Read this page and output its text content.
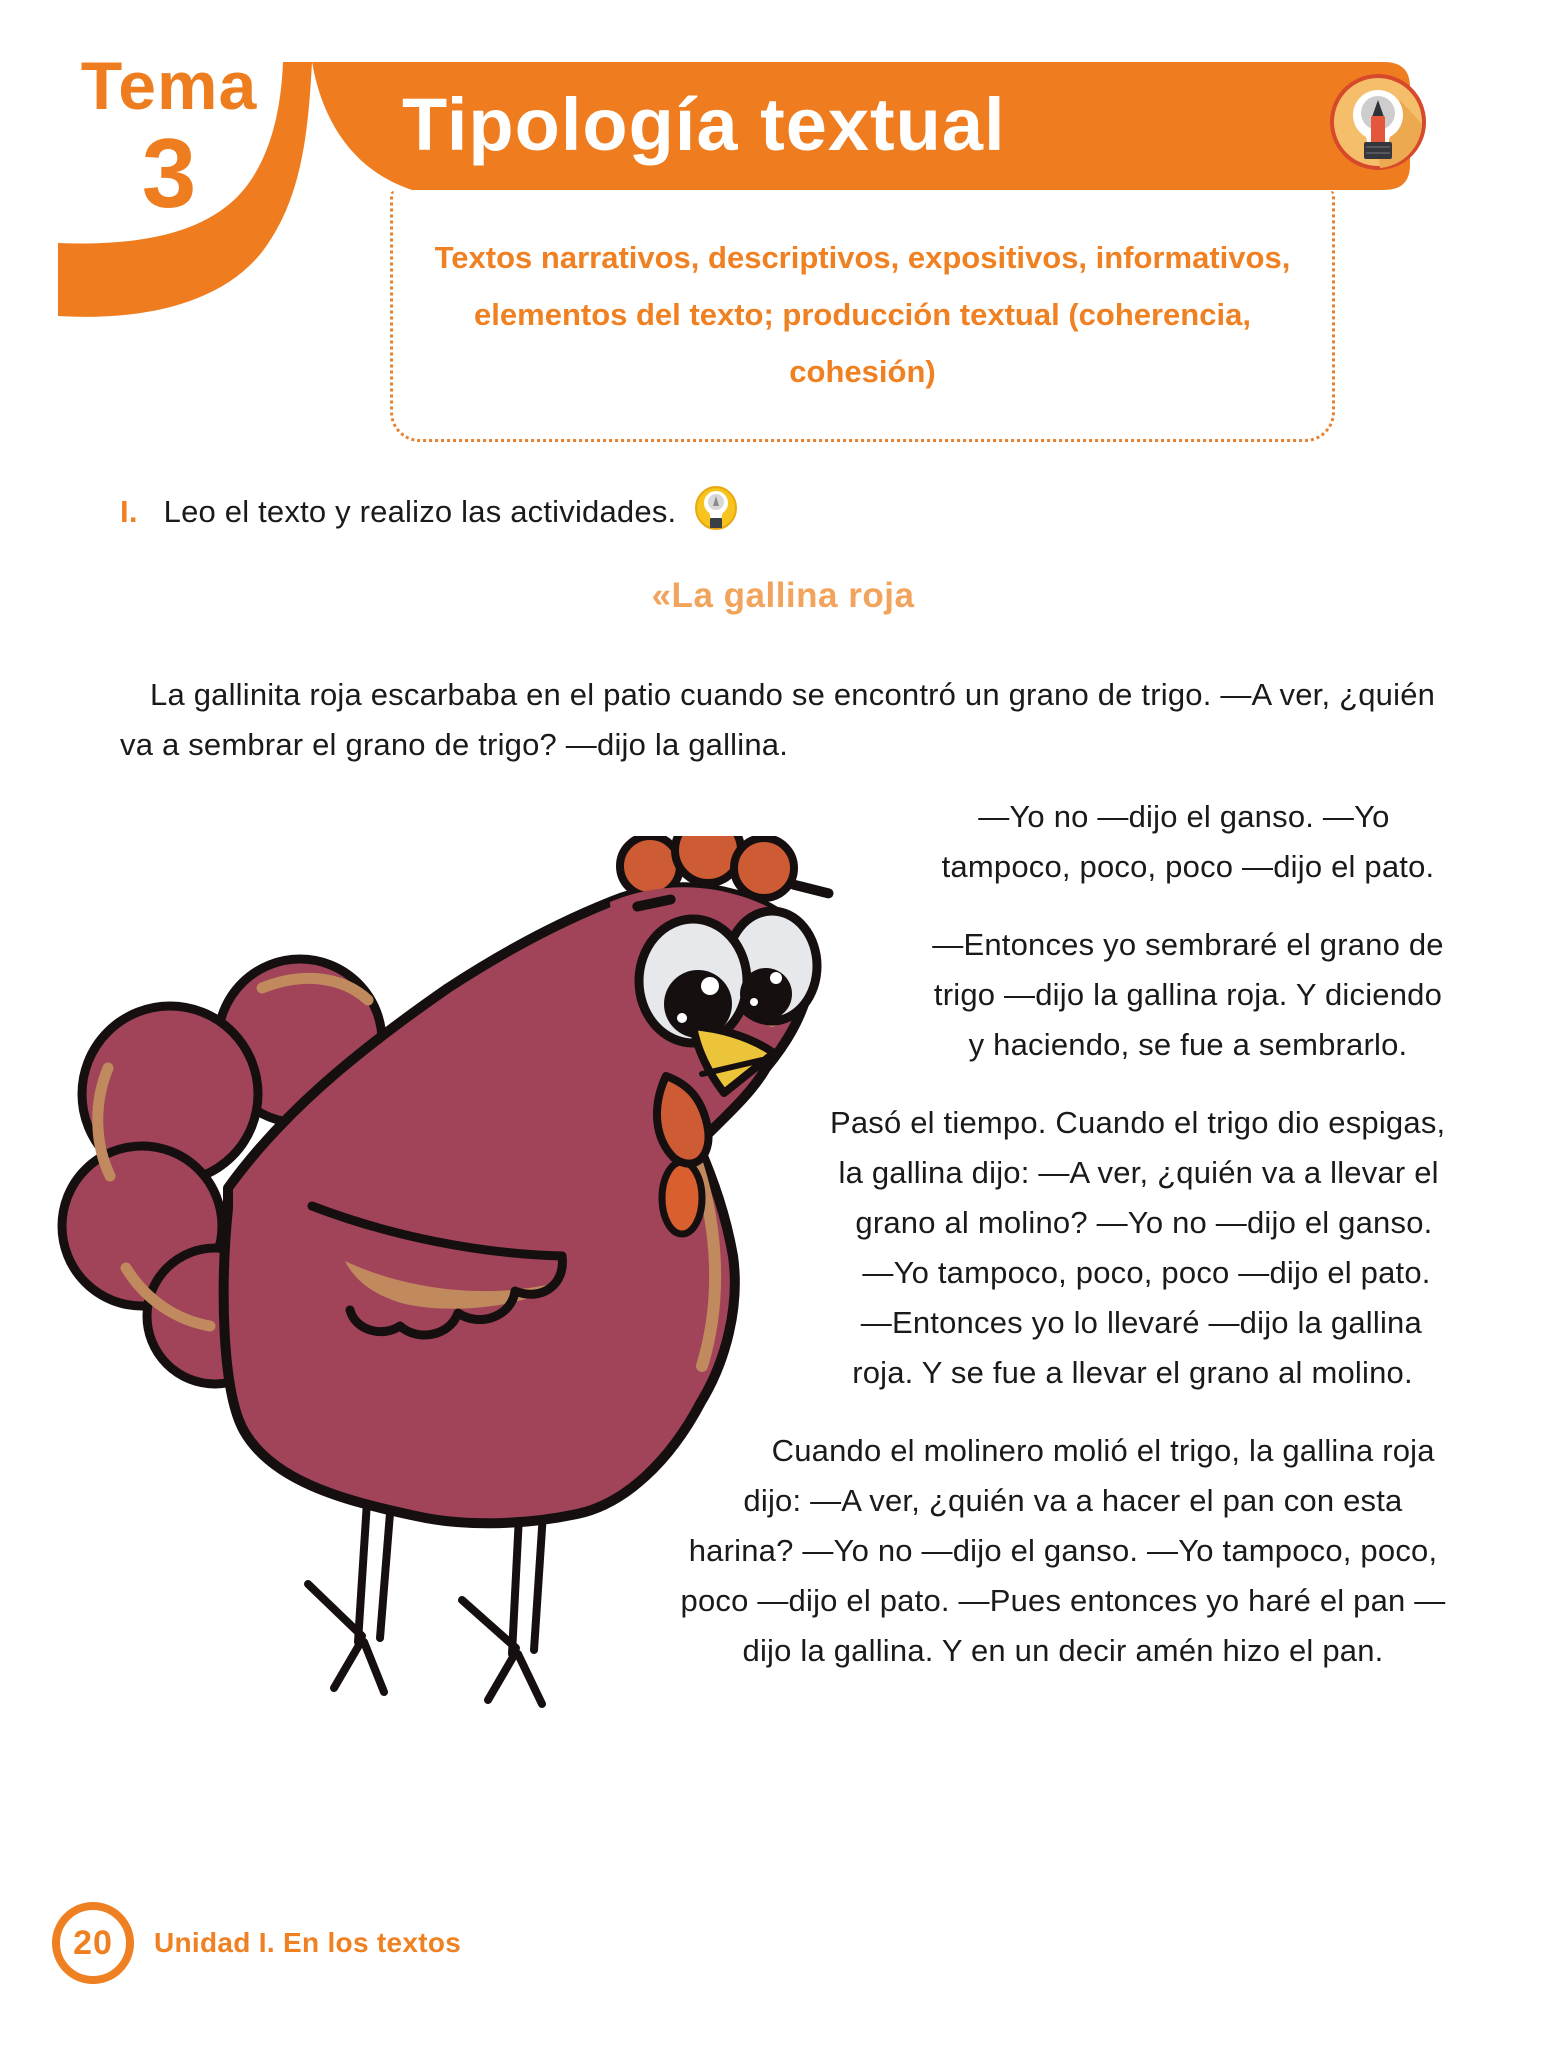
Tema
3	Tipología textual
Textos narrativos, descriptivos, expositivos, informativos, elementos del texto; producción textual (coherencia, cohesión)
I. Leo el texto y realizo las actividades.
«La gallina roja

La gallinita roja escarbaba en el patio cuando se encontró un grano de trigo. —A ver, ¿quién va a sembrar el grano de trigo? —dijo la gallina.

—Yo no —dijo el ganso. —Yo tampoco, poco, poco —dijo el pato.

—Entonces yo sembraré el grano de trigo —dijo la gallina roja. Y diciendo y haciendo, se fue a sembrarlo.

Pasó el tiempo. Cuando el trigo dio espigas, la gallina dijo: —A ver, ¿quién va a llevar el grano al molino? —Yo no —dijo el ganso. —Yo tampoco, poco, poco —dijo el pato. —Entonces yo lo llevaré —dijo la gallina roja. Y se fue a llevar el grano al molino.

Cuando el molinero molió el trigo, la gallina roja dijo: —A ver, ¿quién va a hacer el pan con esta harina? —Yo no —dijo el ganso. —Yo tampoco, poco, poco —dijo el pato. —Pues entonces yo haré el pan —dijo la gallina. Y en un decir amén hizo el pan.

20 Unidad I. En los textos
